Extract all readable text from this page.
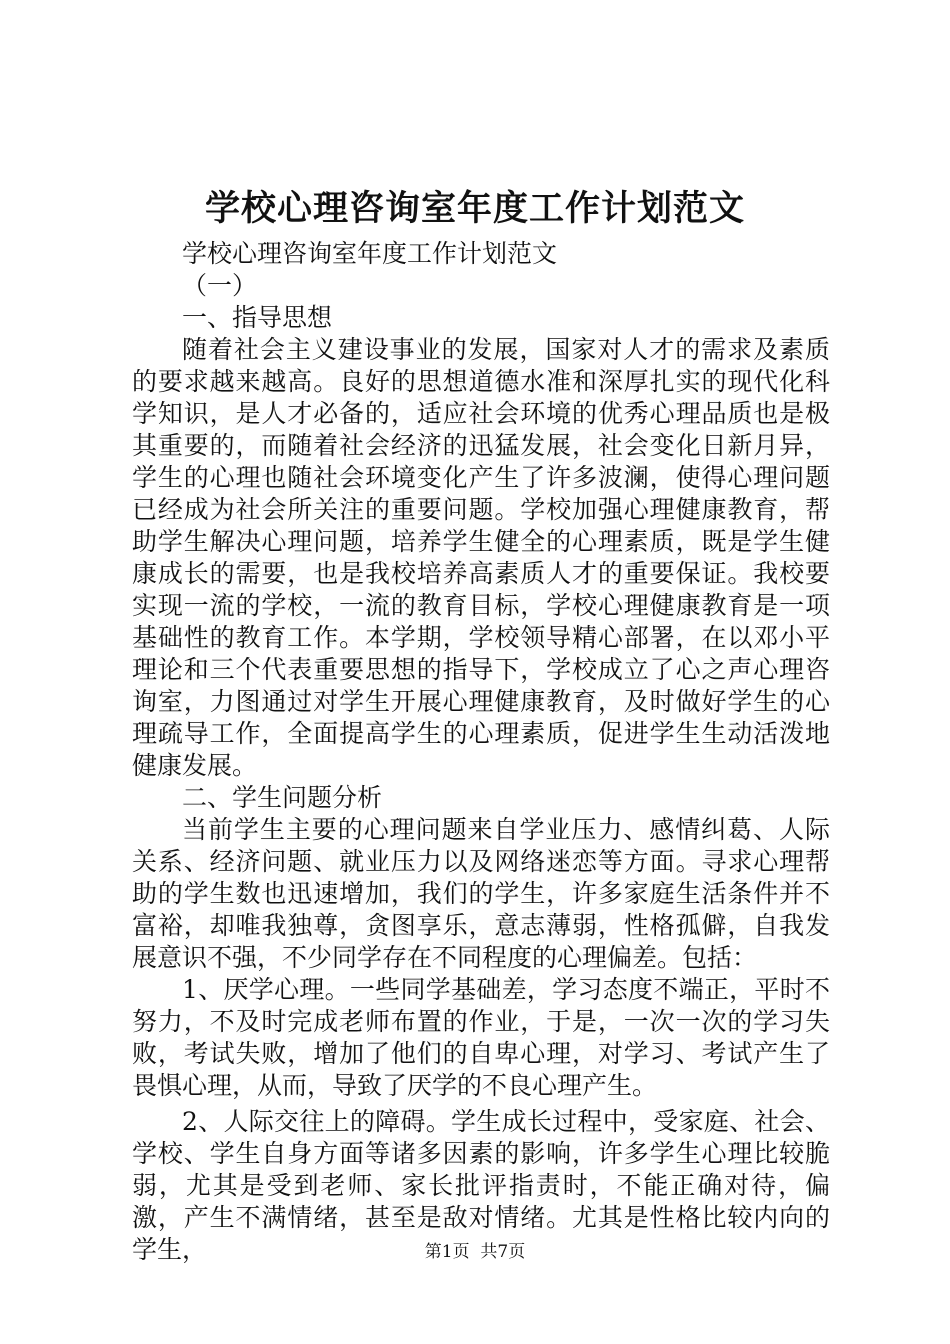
学校心理咨询室年度工作计划范文

学校心理咨询室年度工作计划范文

（一）

一、指导思想

随着社会主义建设事业的发展，国家对人才的需求及素质的要求越来越高。良好的思想道德水准和深厚扎实的现代化科学知识，是人才必备的，适应社会环境的优秀心理品质也是极其重要的，而随着社会经济的迅猛发展，社会变化日新月异，学生的心理也随社会环境变化产生了许多波澜，使得心理问题已经成为社会所关注的重要问题。学校加强心理健康教育，帮助学生解决心理问题，培养学生健全的心理素质，既是学生健康成长的需要，也是我校培养高素质人才的重要保证。我校要实现一流的学校，一流的教育目标，学校心理健康教育是一项基础性的教育工作。本学期，学校领导精心部署，在以邓小平理论和三个代表重要思想的指导下，学校成立了心之声心理咨询室，力图通过对学生开展心理健康教育，及时做好学生的心理疏导工作，全面提高学生的心理素质，促进学生生动活泼地健康发展。

二、学生问题分析

当前学生主要的心理问题来自学业压力、感情纠葛、人际关系、经济问题、就业压力以及网络迷恋等方面。寻求心理帮助的学生数也迅速增加，我们的学生，许多家庭生活条件并不富裕，却唯我独尊，贪图享乐，意志薄弱，性格孤僻，自我发展意识不强，不少同学存在不同程度的心理偏差。包括：

1、厌学心理。一些同学基础差，学习态度不端正，平时不努力，不及时完成老师布置的作业，于是，一次一次的学习失败，考试失败，增加了他们的自卑心理，对学习、考试产生了畏惧心理，从而，导致了厌学的不良心理产生。

2、人际交往上的障碍。学生成长过程中，受家庭、社会、学校、学生自身方面等诸多因素的影响，许多学生心理比较脆弱，尤其是受到老师、家长批评指责时，不能正确对待，偏激，产生不满情绪，甚至是敌对情绪。尤其是性格比较内向的学生，	第1页 共7页
